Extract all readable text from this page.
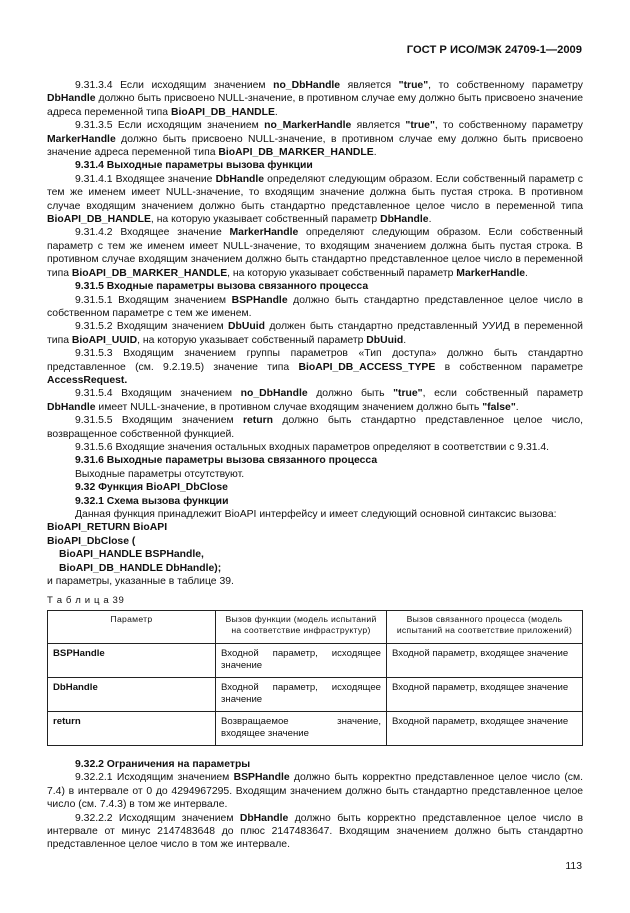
ГОСТ Р ИСО/МЭК 24709-1—2009

9.31.3.4 Если исходящим значением no_DbHandle является "true", то собственному параметру DbHandle должно быть присвоено NULL-значение, в противном случае ему должно быть присвоено значение адреса переменной типа BioAPI_DB_HANDLE.

9.31.3.5 Если исходящим значением no_MarkerHandle является "true", то собственному параметру MarkerHandle должно быть присвоено NULL-значение, в противном случае ему должно быть присвоено значение адреса переменной типа BioAPI_DB_MARKER_HANDLE.

9.31.4 Выходные параметры вызова функции

9.31.4.1 Входящее значение DbHandle определяют следующим образом. Если собственный параметр с тем же именем имеет NULL-значение, то входящим значение должна быть пустая строка. В противном случае входящим значением должно быть стандартно представленное целое число в переменной типа BioAPI_DB_HANDLE, на которую указывает собственный параметр DbHandle.

9.31.4.2 Входящее значение MarkerHandle определяют следующим образом. Если собственный параметр с тем же именем имеет NULL-значение, то входящим значением должна быть пустая строка. В противном случае входящим значением должно быть стандартно представленное целое число в переменной типа BioAPI_DB_MARKER_HANDLE, на которую указывает собственный параметр MarkerHandle.

9.31.5 Входные параметры вызова связанного процесса

9.31.5.1 Входящим значением BSPHandle должно быть стандартно представленное целое число в собственном параметре с тем же именем.

9.31.5.2 Входящим значением DbUuid должен быть стандартно представленный УУИД в переменной типа BioAPI_UUID, на которую указывает собственный параметр DbUuid.

9.31.5.3 Входящим значением группы параметров «Тип доступа» должно быть стандартно представленное (см. 9.2.19.5) значение типа BioAPI_DB_ACCESS_TYPE в собственном параметре AccessRequest.

9.31.5.4 Входящим значением no_DbHandle должно быть "true", если собственный параметр DbHandle имеет NULL-значение, в противном случае входящим значением должно быть "false".

9.31.5.5 Входящим значением return должно быть стандартно представленное целое число, возвращенное собственной функцией.

9.31.5.6 Входящие значения остальных входных параметров определяют в соответствии с 9.31.4.

9.31.6 Выходные параметры вызова связанного процесса

Выходные параметры отсутствуют.

9.32 Функция BioAPI_DbClose

9.32.1 Схема вызова функции

Данная функция принадлежит BioAPI интерфейсу и имеет следующий основной синтаксис вызова:

BioAPI_RETURN BioAPI

BioAPI_DbClose (

BioAPI_HANDLE BSPHandle,

BioAPI_DB_HANDLE DbHandle);

и параметры, указанные в таблице 39.

Т а б л и ц а 39

Параметр	Вызов функции (модель испытаний на соответствие инфраструктур)	Вызов связанного процесса (модель испытаний на соответствие приложений)
BSPHandle	Входной параметр, исходящее значение	Входной параметр, входящее значение
DbHandle	Входной параметр, исходящее значение	Входной параметр, входящее значение
return	Возвращаемое значение, входящее значение	Входной параметр, входящее значение

9.32.2 Ограничения на параметры

9.32.2.1 Исходящим значением BSPHandle должно быть корректно представленное целое число (см. 7.4) в интервале от 0 до 4294967295. Входящим значением должно быть стандартно представленное целое число (см. 7.4.3) в том же интервале.

9.32.2.2 Исходящим значением DbHandle должно быть корректно представленное целое число в интервале от минус 2147483648 до плюс 2147483647. Входящим значением должно быть стандартно представленное целое число в том же интервале.

113
